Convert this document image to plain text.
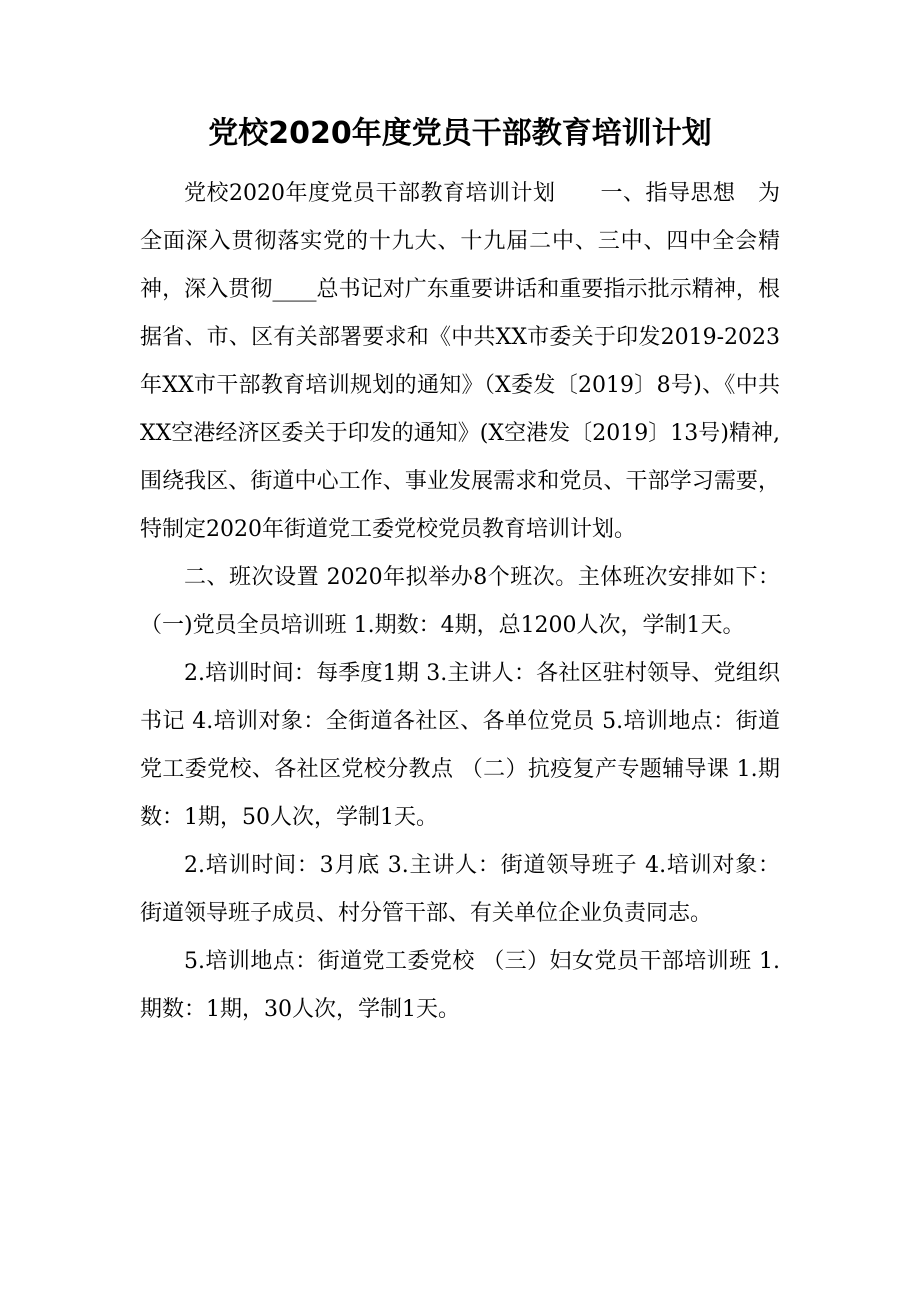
党校2020年度党员干部教育培训计划

党校2020年度党员干部教育培训计划　　一、指导思想　为全面深入贯彻落实党的十九大、十九届二中、三中、四中全会精神，深入贯彻____总书记对广东重要讲话和重要指示批示精神，根据省、市、区有关部署要求和《中共XX市委关于印发2019-2023年XX市干部教育培训规划的通知》（X委发〔2019〕8号)、《中共XX空港经济区委关于印发的通知》(X空港发〔2019〕13号)精神,围绕我区、街道中心工作、事业发展需求和党员、干部学习需要，特制定2020年街道党工委党校党员教育培训计划。

二、班次设置 2020年拟举办8个班次。主体班次安排如下：（一)党员全员培训班 1.期数：4期，总1200人次，学制1天。

2.培训时间：每季度1期 3.主讲人：各社区驻村领导、党组织书记 4.培训对象：全街道各社区、各单位党员 5.培训地点：街道党工委党校、各社区党校分教点 （二）抗疫复产专题辅导课 1.期数：1期，50人次，学制1天。

2.培训时间：3月底 3.主讲人：街道领导班子 4.培训对象：街道领导班子成员、村分管干部、有关单位企业负责同志。

5.培训地点：街道党工委党校 （三）妇女党员干部培训班 1.期数：1期，30人次，学制1天。
